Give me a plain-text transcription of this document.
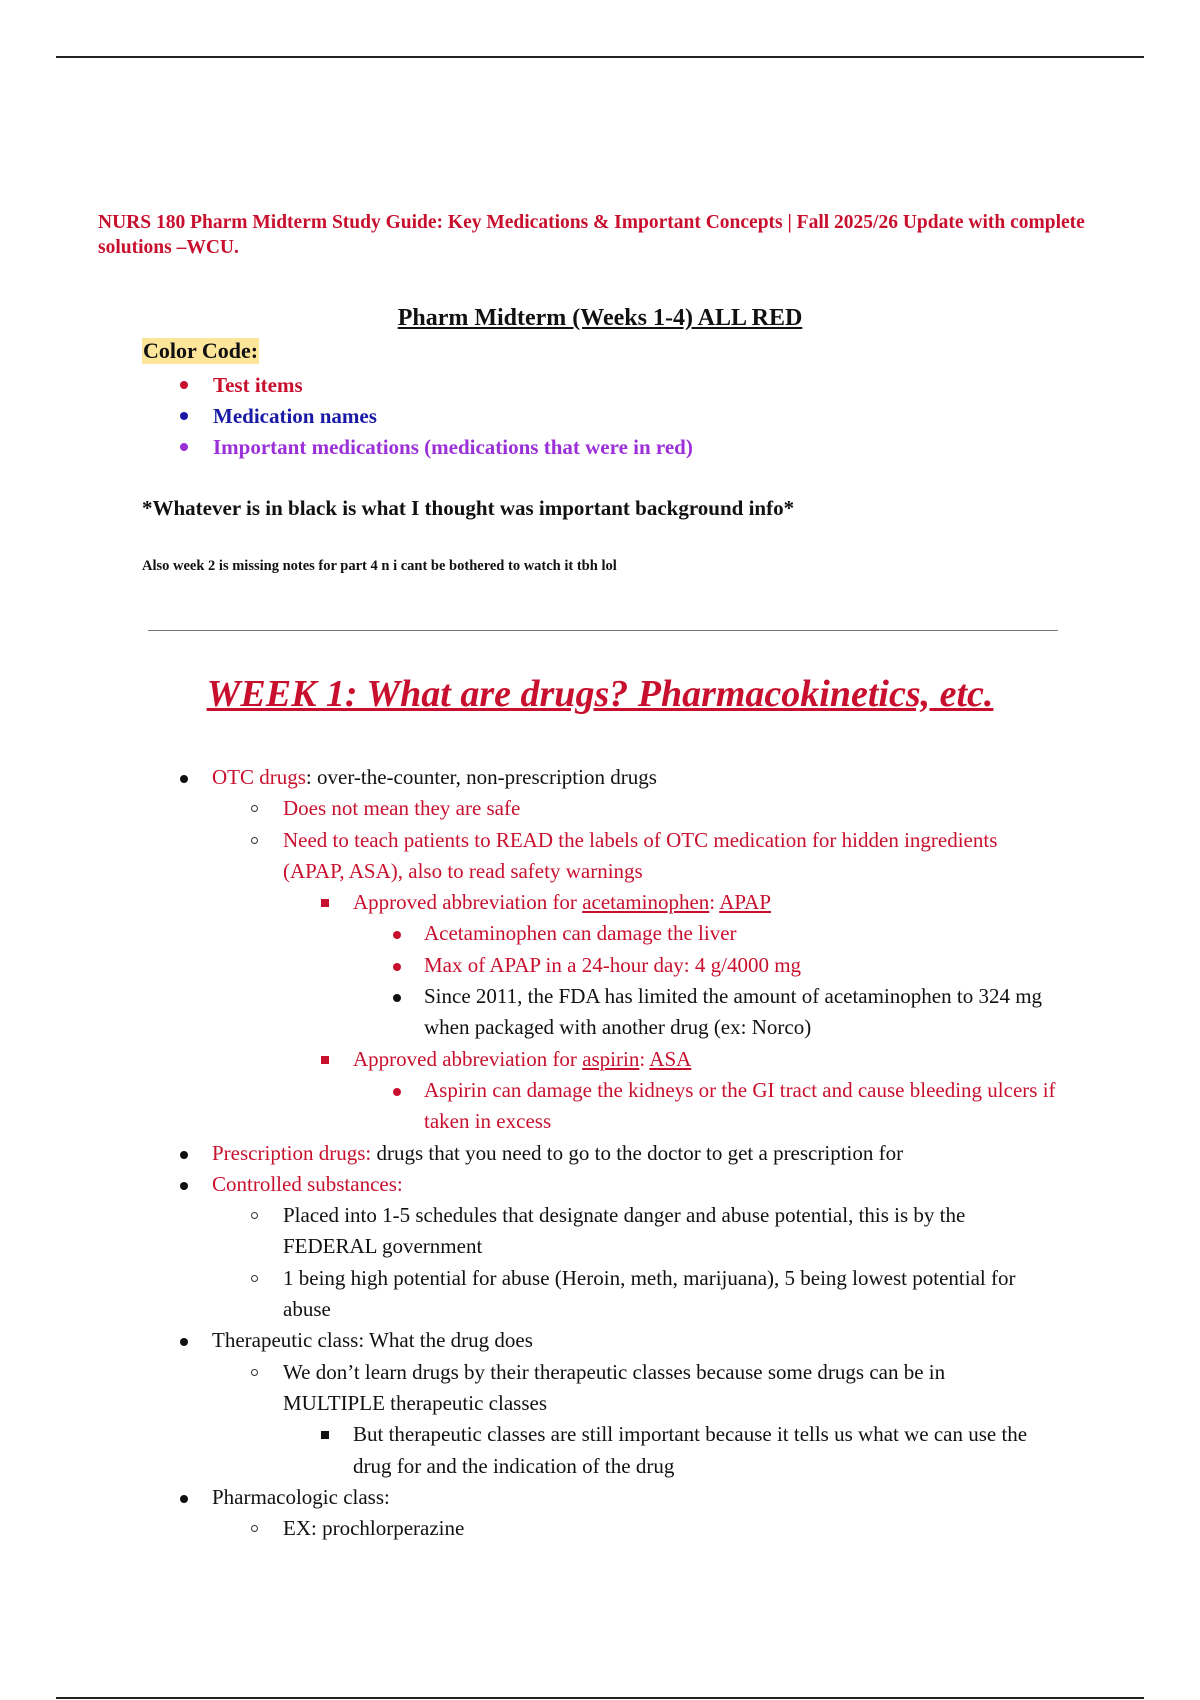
NURS 180 Pharm Midterm Study Guide: Key Medications & Important Concepts | Fall 2025/26 Update with complete solutions –WCU.
Pharm Midterm (Weeks 1-4) ALL RED
Color Code:
Test items
Medication names
Important medications (medications that were in red)
*Whatever is in black is what I thought was important background info*
Also week 2 is missing notes for part 4 n i cant be bothered to watch it tbh lol
WEEK 1: What are drugs? Pharmacokinetics, etc.
OTC drugs: over-the-counter, non-prescription drugs
Does not mean they are safe
Need to teach patients to READ the labels of OTC medication for hidden ingredients (APAP, ASA), also to read safety warnings
Approved abbreviation for acetaminophen: APAP
Acetaminophen can damage the liver
Max of APAP in a 24-hour day: 4 g/4000 mg
Since 2011, the FDA has limited the amount of acetaminophen to 324 mg when packaged with another drug (ex: Norco)
Approved abbreviation for aspirin: ASA
Aspirin can damage the kidneys or the GI tract and cause bleeding ulcers if taken in excess
Prescription drugs: drugs that you need to go to the doctor to get a prescription for
Controlled substances:
Placed into 1-5 schedules that designate danger and abuse potential, this is by the FEDERAL government
1 being high potential for abuse (Heroin, meth, marijuana), 5 being lowest potential for abuse
Therapeutic class: What the drug does
We don’t learn drugs by their therapeutic classes because some drugs can be in MULTIPLE therapeutic classes
But therapeutic classes are still important because it tells us what we can use the drug for and the indication of the drug
Pharmacologic class:
EX: prochlorperazine
